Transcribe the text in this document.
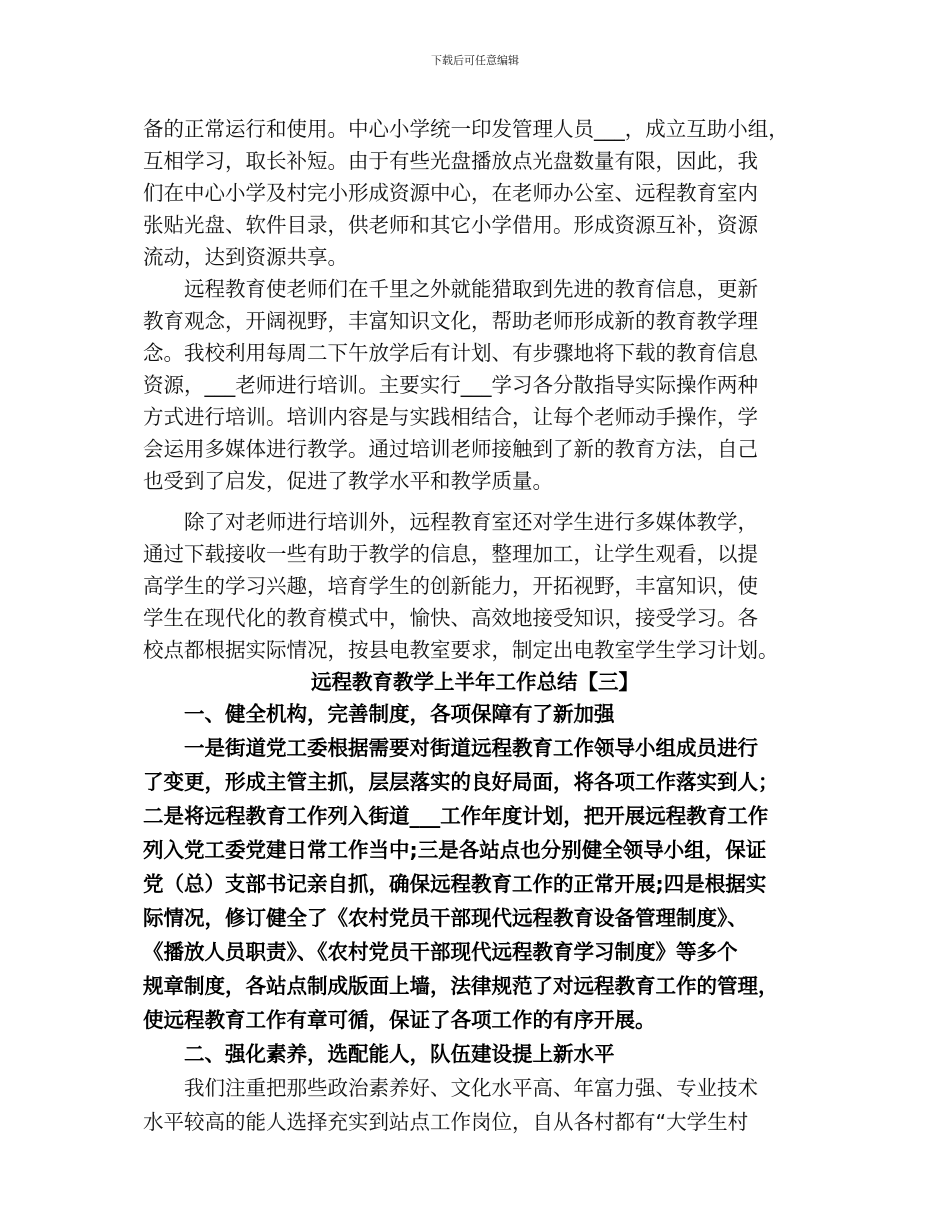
下载后可任意编辑
备的正常运行和使用。中心小学统一印发管理人员___，成立互助小组，
互相学习，取长补短。由于有些光盘播放点光盘数量有限，因此，我
们在中心小学及村完小形成资源中心，在老师办公室、远程教育室内
张贴光盘、软件目录，供老师和其它小学借用。形成资源互补，资源
流动，达到资源共享。
远程教育使老师们在千里之外就能猎取到先进的教育信息，更新
教育观念，开阔视野，丰富知识文化，帮助老师形成新的教育教学理
念。我校利用每周二下午放学后有计划、有步骤地将下载的教育信息
资源，___老师进行培训。主要实行___学习各分散指导实际操作两种
方式进行培训。培训内容是与实践相结合，让每个老师动手操作，学
会运用多媒体进行教学。通过培训老师接触到了新的教育方法，自己
也受到了启发，促进了教学水平和教学质量。
除了对老师进行培训外，远程教育室还对学生进行多媒体教学，
通过下载接收一些有助于教学的信息，整理加工，让学生观看，以提
高学生的学习兴趣，培育学生的创新能力，开拓视野，丰富知识，使
学生在现代化的教育模式中，愉快、高效地接受知识，接受学习。各
校点都根据实际情况，按县电教室要求，制定出电教室学生学习计划。
远程教育教学上半年工作总结【三】
一、健全机构，完善制度，各项保障有了新加强
一是街道党工委根据需要对街道远程教育工作领导小组成员进行
了变更，形成主管主抓，层层落实的良好局面，将各项工作落实到人；
二是将远程教育工作列入街道___工作年度计划，把开展远程教育工作
列入党工委党建日常工作当中;三是各站点也分别健全领导小组，保证
党（总）支部书记亲自抓，确保远程教育工作的正常开展;四是根据实
际情况，修订健全了《农村党员干部现代远程教育设备管理制度》、
《播放人员职责》、《农村党员干部现代远程教育学习制度》等多个
规章制度，各站点制成版面上墙，法律规范了对远程教育工作的管理，
使远程教育工作有章可循，保证了各项工作的有序开展。
二、强化素养，选配能人，队伍建设提上新水平
我们注重把那些政治素养好、文化水平高、年富力强、专业技术
水平较高的能人选择充实到站点工作岗位，自从各村都有“大学生村
